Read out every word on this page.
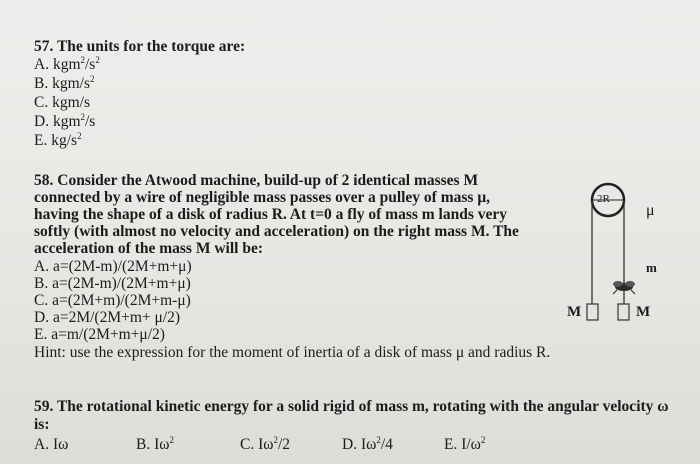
57. The units for the torque are:
A. $kgm^2/s^2$
B. kgm/$s^2$
C. kgm/s
D. kgm$^2$/s
E. $kg/s^2$
58. Consider the Atwood machine, build-up of 2 identical masses M
connected by a wire of negligible mass passes over a pulley of mass μ,
having the shape of a disk of radius R. At t=0 a fly of mass m lands very
softly (with almost no velocity and acceleration) on the right mass M. The
acceleration of the mass M will be:
A. a=(2M-m)/(2M+m+μ)
B. a=(2M-m)/(2M+m+μ)
C. a=(2M+m)/(2M+m-μ)
D. a=2M/(2M+m+ μ/2)
E. a=m/(2M+m+μ/2)
Hint: use the expression for the moment of inertia of a disk of mass μ and radius R.
2R
μ
m
M	M
59. The rotational kinetic energy for a solid rigid of mass m, rotating with the angular velocity ω
is:
A. Iω	B. $I\omega^2$	C. $I\omega^2/2$	D. $I\omega^2/4$	E. $I/\omega^2$
